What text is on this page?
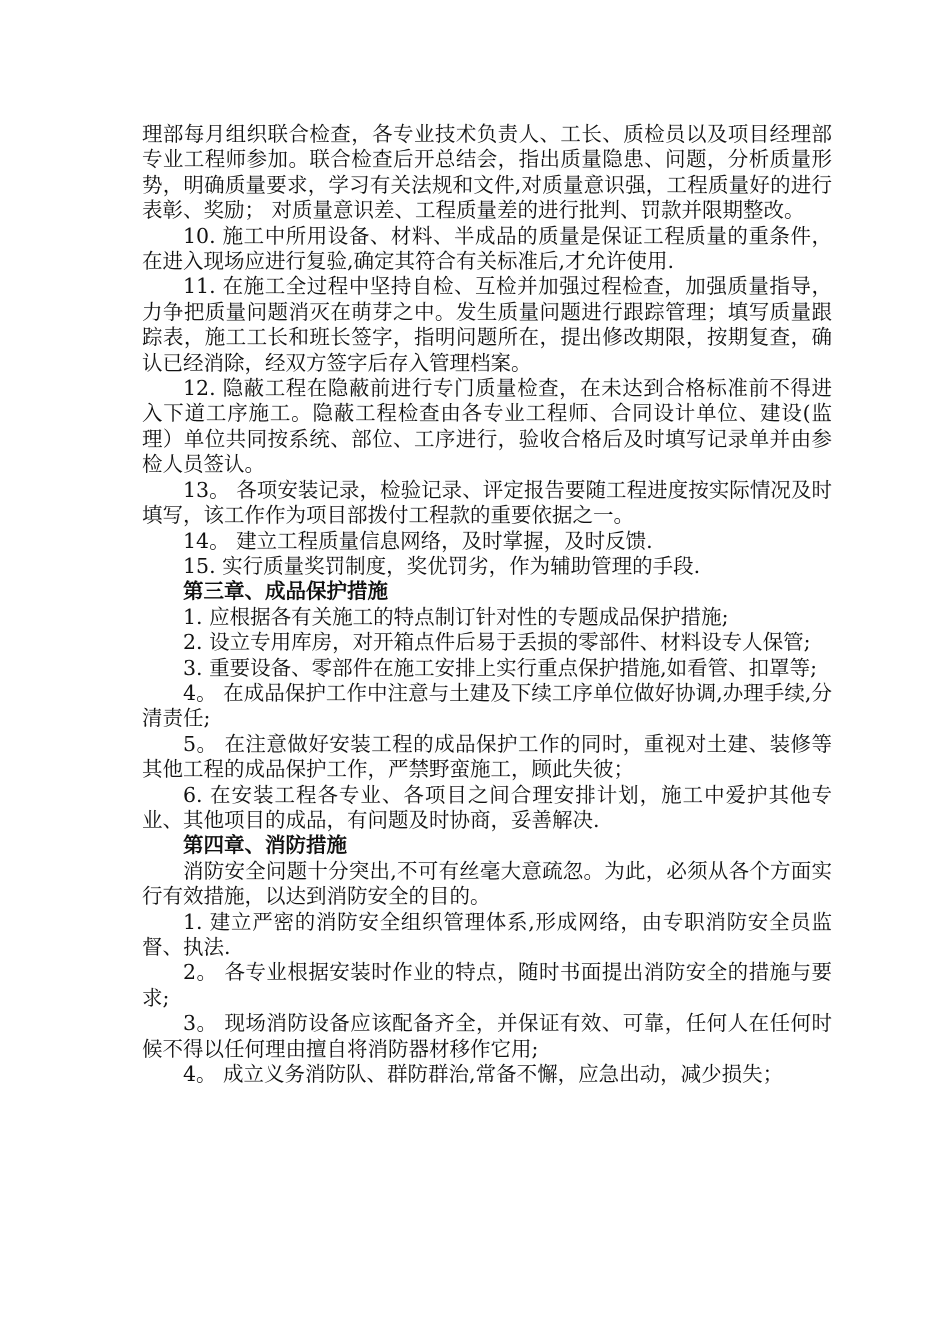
理部每月组织联合检查，各专业技术负责人、工长、质检员以及项目经理部专业工程师参加。联合检查后开总结会，指出质量隐患、问题，分析质量形势，明确质量要求，学习有关法规和文件,对质量意识强，工程质量好的进行表彰、奖励； 对质量意识差、工程质量差的进行批判、罚款并限期整改。

10. 施工中所用设备、材料、半成品的质量是保证工程质量的重条件，在进入现场应进行复验,确定其符合有关标准后,才允许使用.

11. 在施工全过程中坚持自检、互检并加强过程检查，加强质量指导，力争把质量问题消灭在萌芽之中。发生质量问题进行跟踪管理；填写质量跟踪表，施工工长和班长签字，指明问题所在，提出修改期限，按期复查，确认已经消除，经双方签字后存入管理档案。

12. 隐蔽工程在隐蔽前进行专门质量检查，在未达到合格标准前不得进入下道工序施工。隐蔽工程检查由各专业工程师、合同设计单位、建设(监理）单位共同按系统、部位、工序进行，验收合格后及时填写记录单并由参检人员签认。

13。 各项安装记录，检验记录、评定报告要随工程进度按实际情况及时填写，该工作作为项目部拨付工程款的重要依据之一。

14。 建立工程质量信息网络，及时掌握，及时反馈.

15. 实行质量奖罚制度，奖优罚劣，作为辅助管理的手段.

第三章、成品保护措施

1. 应根据各有关施工的特点制订针对性的专题成品保护措施;

2. 设立专用库房，对开箱点件后易于丢损的零部件、材料设专人保管;

3. 重要设备、零部件在施工安排上实行重点保护措施,如看管、扣罩等;

4。 在成品保护工作中注意与土建及下续工序单位做好协调,办理手续,分清责任;

5。 在注意做好安装工程的成品保护工作的同时，重视对土建、装修等其他工程的成品保护工作，严禁野蛮施工，顾此失彼；

6. 在安装工程各专业、各项目之间合理安排计划，施工中爱护其他专业、其他项目的成品，有问题及时协商，妥善解决.

第四章、消防措施

消防安全问题十分突出,不可有丝毫大意疏忽。为此，必须从各个方面实行有效措施，以达到消防安全的目的。

1. 建立严密的消防安全组织管理体系,形成网络，由专职消防安全员监督、执法.

2。 各专业根据安装时作业的特点，随时书面提出消防安全的措施与要求;

3。 现场消防设备应该配备齐全，并保证有效、可靠，任何人在任何时候不得以任何理由擅自将消防器材移作它用;

4。 成立义务消防队、群防群治,常备不懈，应急出动，减少损失；
